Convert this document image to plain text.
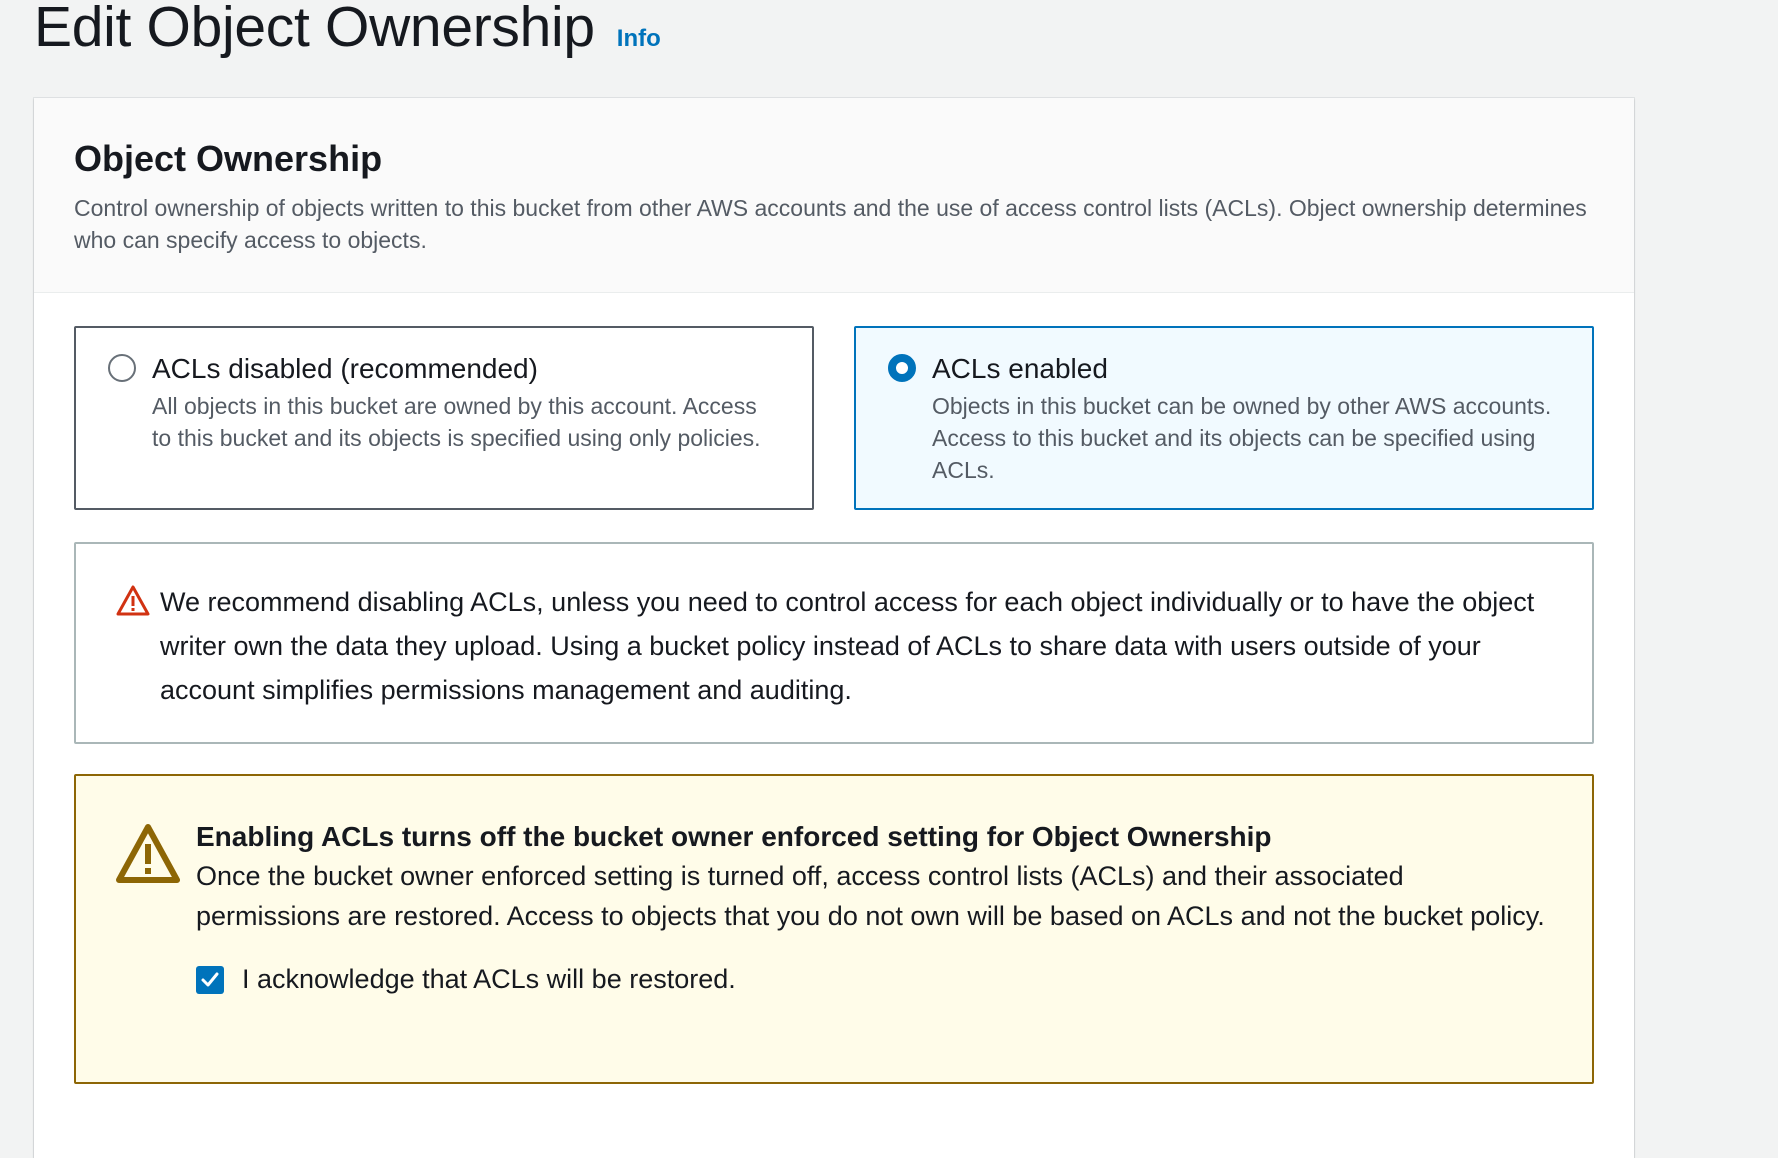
Edit Object Ownership Info
Object Ownership

Control ownership of objects written to this bucket from other AWS accounts and the use of access control lists (ACLs). Object ownership determines who can specify access to objects.

ACLs disabled (recommended)
All objects in this bucket are owned by this account. Access to this bucket and its objects is specified using only policies.
ACLs enabled
Objects in this bucket can be owned by other AWS accounts. Access to this bucket and its objects can be specified using ACLs.

We recommend disabling ACLs, unless you need to control access for each object individually or to have the object writer own the data they upload. Using a bucket policy instead of ACLs to share data with users outside of your account simplifies permissions management and auditing.

Enabling ACLs turns off the bucket owner enforced setting for Object Ownership
Once the bucket owner enforced setting is turned off, access control lists (ACLs) and their associated permissions are restored. Access to objects that you do not own will be based on ACLs and not the bucket policy.
I acknowledge that ACLs will be restored.
